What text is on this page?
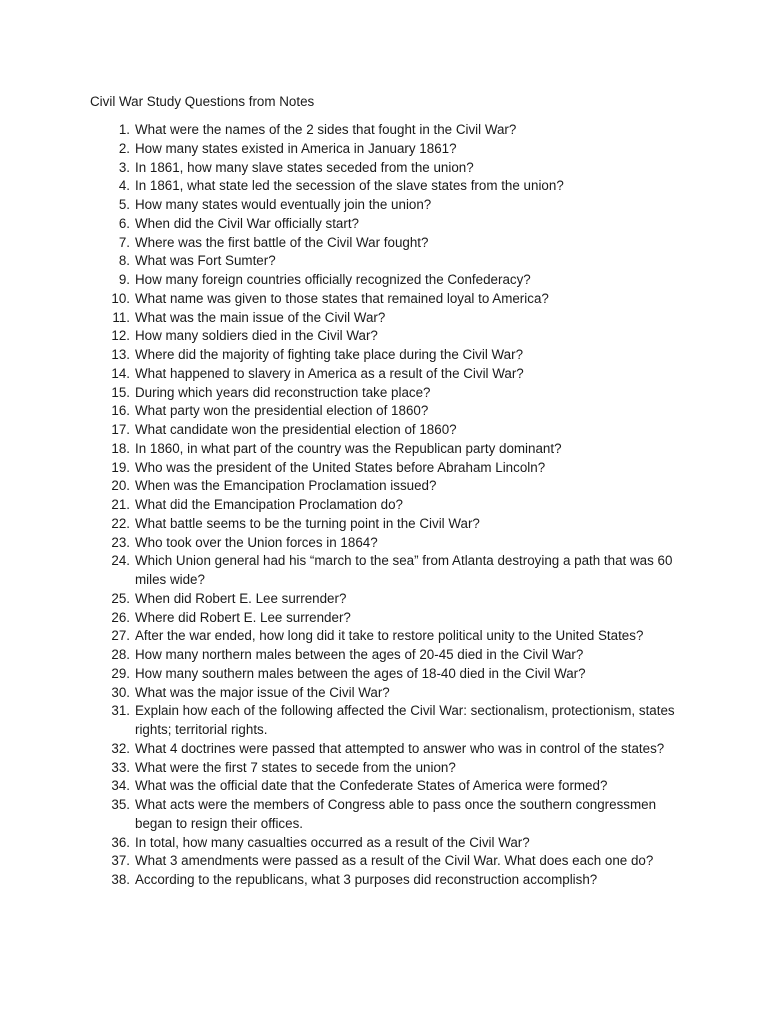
Civil War Study Questions from Notes
1. What were the names of the 2 sides that fought in the Civil War?
2. How many states existed in America in January 1861?
3. In 1861, how many slave states seceded from the union?
4. In 1861, what state led the secession of the slave states from the union?
5. How many states would eventually join the union?
6. When did the Civil War officially start?
7. Where was the first battle of the Civil War fought?
8. What was Fort Sumter?
9. How many foreign countries officially recognized the Confederacy?
10. What name was given to those states that remained loyal to America?
11. What was the main issue of the Civil War?
12. How many soldiers died in the Civil War?
13. Where did the majority of fighting take place during the Civil War?
14. What happened to slavery in America as a result of the Civil War?
15. During which years did reconstruction take place?
16. What party won the presidential election of 1860?
17. What candidate won the presidential election of 1860?
18. In 1860, in what part of the country was the Republican party dominant?
19. Who was the president of the United States before Abraham Lincoln?
20. When was the Emancipation Proclamation issued?
21. What did the Emancipation Proclamation do?
22. What battle seems to be the turning point in the Civil War?
23. Who took over the Union forces in 1864?
24. Which Union general had his “march to the sea” from Atlanta destroying a path that was 60 miles wide?
25. When did Robert E. Lee surrender?
26. Where did Robert E. Lee surrender?
27. After the war ended, how long did it take to restore political unity to the United States?
28. How many northern males between the ages of 20-45 died in the Civil War?
29. How many southern males between the ages of 18-40 died in the Civil War?
30. What was the major issue of the Civil War?
31. Explain how each of the following affected the Civil War: sectionalism, protectionism, states rights; territorial rights.
32. What 4 doctrines were passed that attempted to answer who was in control of the states?
33. What were the first 7 states to secede from the union?
34. What was the official date that the Confederate States of America were formed?
35. What acts were the members of Congress able to pass once the southern congressmen began to resign their offices.
36. In total, how many casualties occurred as a result of the Civil War?
37. What 3 amendments were passed as a result of the Civil War. What does each one do?
38. According to the republicans, what 3 purposes did reconstruction accomplish?
